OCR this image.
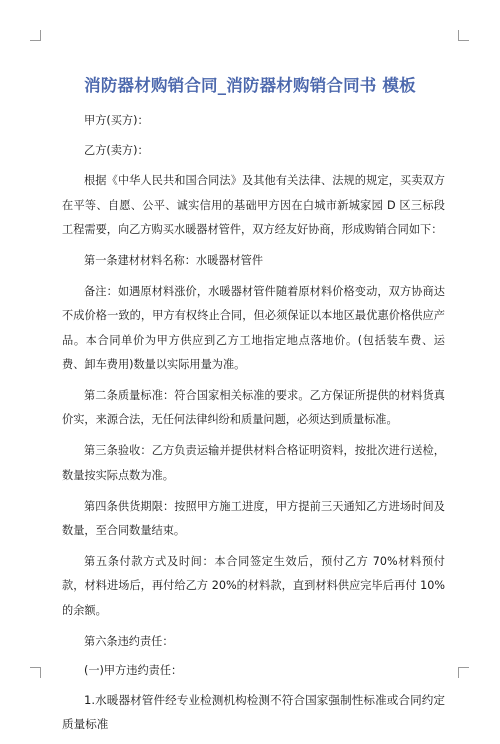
消防器材购销合同_消防器材购销合同书 模板

甲方(买方)：

乙方(卖方)：

根据《中华人民共和国合同法》及其他有关法律、法规的规定，买卖双方在平等、自愿、公平、诚实信用的基础甲方因在白城市新城家园 D 区三标段工程需要，向乙方购买水暖器材管件，双方经友好协商，形成购销合同如下：

第一条建材材料名称：水暖器材管件

备注：如遇原材料涨价，水暖器材管件随着原材料价格变动，双方协商达不成价格一致的，甲方有权终止合同，但必须保证以本地区最优惠价格供应产品。本合同单价为甲方供应到乙方工地指定地点落地价。(包括装车费、运费、卸车费用)数量以实际用量为准。

第二条质量标准：符合国家相关标准的要求。乙方保证所提供的材料货真价实，来源合法，无任何法律纠纷和质量问题，必须达到质量标准。

第三条验收：乙方负责运输并提供材料合格证明资料，按批次进行送检，数量按实际点数为准。

第四条供货期限：按照甲方施工进度，甲方提前三天通知乙方进场时间及数量，至合同数量结束。

第五条付款方式及时间：本合同签定生效后，预付乙方 70%材料预付款，材料进场后，再付给乙方 20%的材料款，直到材料供应完毕后再付 10%的余额。

第六条违约责任：

(一)甲方违约责任：

1.水暖器材管件经专业检测机构检测不符合国家强制性标准或合同约定质量标准
